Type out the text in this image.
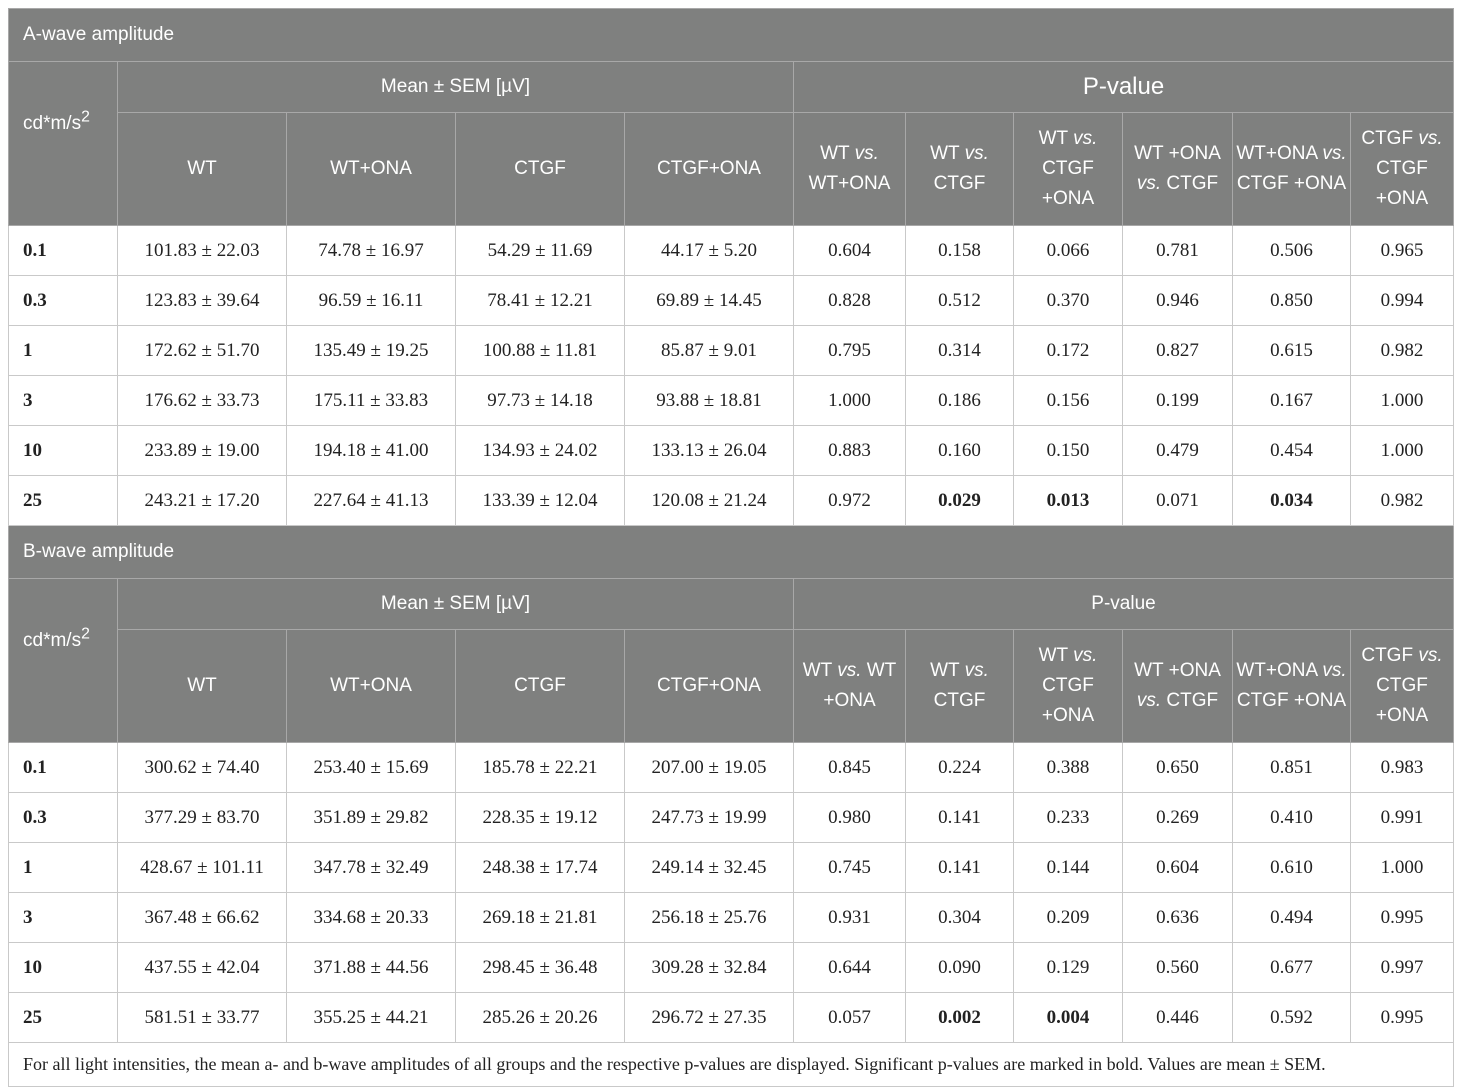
A-wave amplitude										
$cd*m/s^2$	Mean ± SEM [µV]				P-value					
	WT	WT+ONA	CTGF	CTGF+ONA	WT vs. WT+ONA	WT vs. CTGF	WT vs. CTGF +ONA	WT +ONA vs. CTGF	WT+ONA vs. CTGF +ONA	CTGF vs. CTGF +ONA
0.1	101.83 ± 22.03	74.78 ± 16.97	54.29 ± 11.69	44.17 ± 5.20	0.604	0.158	0.066	0.781	0.506	0.965
0.3	123.83 ± 39.64	96.59 ± 16.11	78.41 ± 12.21	69.89 ± 14.45	0.828	0.512	0.370	0.946	0.850	0.994
1	172.62 ± 51.70	135.49 ± 19.25	100.88 ± 11.81	85.87 ± 9.01	0.795	0.314	0.172	0.827	0.615	0.982
3	176.62 ± 33.73	175.11 ± 33.83	97.73 ± 14.18	93.88 ± 18.81	1.000	0.186	0.156	0.199	0.167	1.000
10	233.89 ± 19.00	194.18 ± 41.00	134.93 ± 24.02	133.13 ± 26.04	0.883	0.160	0.150	0.479	0.454	1.000
25	243.21 ± 17.20	227.64 ± 41.13	133.39 ± 12.04	120.08 ± 21.24	0.972	0.029	0.013	0.071	0.034	0.982
B-wave amplitude										
$cd*m/s^2$	Mean ± SEM [µV]				P-value					
	WT	WT+ONA	CTGF	CTGF+ONA	WT vs. WT +ONA	WT vs. CTGF	WT vs. CTGF +ONA	WT +ONA vs. CTGF	WT+ONA vs. CTGF +ONA	CTGF vs. CTGF +ONA
0.1	300.62 ± 74.40	253.40 ± 15.69	185.78 ± 22.21	207.00 ± 19.05	0.845	0.224	0.388	0.650	0.851	0.983
0.3	377.29 ± 83.70	351.89 ± 29.82	228.35 ± 19.12	247.73 ± 19.99	0.980	0.141	0.233	0.269	0.410	0.991
1	428.67 ± 101.11	347.78 ± 32.49	248.38 ± 17.74	249.14 ± 32.45	0.745	0.141	0.144	0.604	0.610	1.000
3	367.48 ± 66.62	334.68 ± 20.33	269.18 ± 21.81	256.18 ± 25.76	0.931	0.304	0.209	0.636	0.494	0.995
10	437.55 ± 42.04	371.88 ± 44.56	298.45 ± 36.48	309.28 ± 32.84	0.644	0.090	0.129	0.560	0.677	0.997
25	581.51 ± 33.77	355.25 ± 44.21	285.26 ± 20.26	296.72 ± 27.35	0.057	0.002	0.004	0.446	0.592	0.995
For all light intensities, the mean a- and b-wave amplitudes of all groups and the respective p-values are displayed. Significant p-values are marked in bold. Values are mean ± SEM.										
